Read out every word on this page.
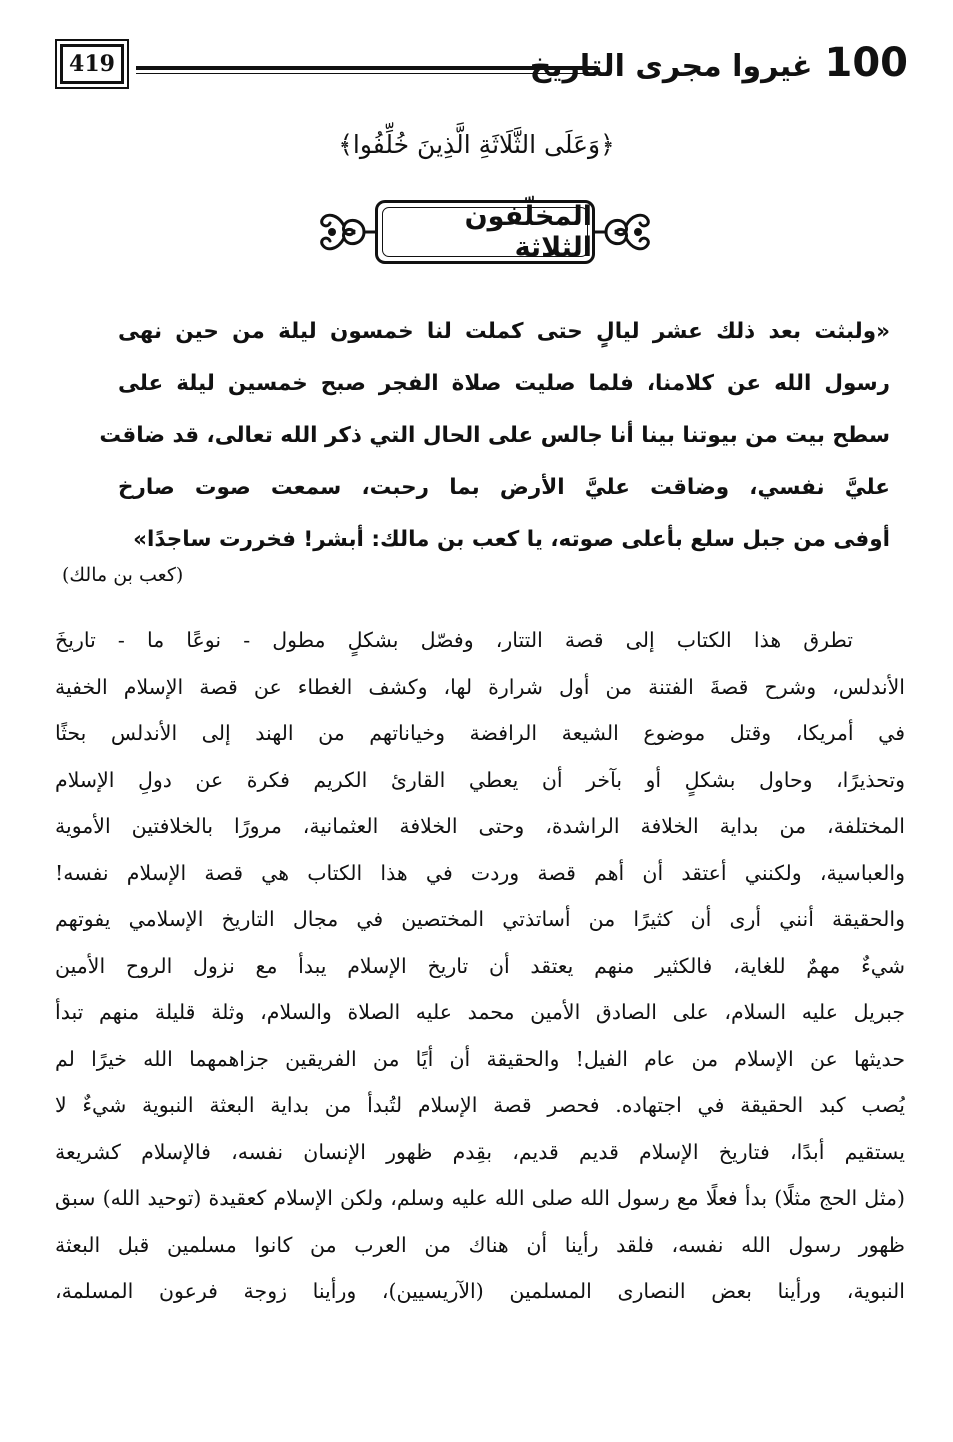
419	100
غيروا مجرى التاريخ
﴿وَعَلَى الثَّلَاثَةِ الَّذِينَ خُلِّفُوا﴾
المخلّفون الثلاثة
«ولبثت بعد ذلك عشر ليالٍ حتى كملت لنا خمسون ليلة من حين نهى
رسول الله عن كلامنا، فلما صليت صلاة الفجر صبح خمسين ليلة على
سطح بيت من بيوتنا بينا أنا جالس على الحال التي ذكر الله تعالى، قد ضاقت
عليَّ نفسي، وضاقت عليَّ الأرض بما رحبت، سمعت صوت صارخ
أوفى من جبل سلع بأعلى صوته، يا كعب بن مالك: أبشر! فخررت ساجدًا»
(كعب بن مالك)
تطرق هذا الكتاب إلى قصة التتار، وفصّل بشكلٍ مطول - نوعًا ما - تاريخَ
الأندلس، وشرح قصةَ الفتنة من أول شرارة لها، وكشف الغطاء عن قصة الإسلام الخفية
في أمريكا، وقتل موضوع الشيعة الرافضة وخياناتهم من الهند إلى الأندلس بحثًا
وتحذيرًا، وحاول بشكلٍ أو بآخر أن يعطي القارئ الكريم فكرة عن دولِ الإسلام
المختلفة، من بداية الخلافة الراشدة، وحتى الخلافة العثمانية، مرورًا بالخلافتين الأموية
والعباسية، ولكنني أعتقد أن أهم قصة وردت في هذا الكتاب هي قصة الإسلام نفسه!
والحقيقة أنني أرى أن كثيرًا من أساتذتي المختصين في مجال التاريخ الإسلامي يفوتهم
شيءٌ مهمٌ للغاية، فالكثير منهم يعتقد أن تاريخ الإسلام يبدأ مع نزول الروح الأمين
جبريل عليه السلام، على الصادق الأمين محمد عليه الصلاة والسلام، وثلة قليلة منهم تبدأ
حديثها عن الإسلام من عام الفيل! والحقيقة أن أيًا من الفريقين جزاهمهما الله خيرًا لم
يُصب كبد الحقيقة في اجتهاده. فحصر قصة الإسلام لتُبدأ من بداية البعثة النبوية شيءٌ لا
يستقيم أبدًا، فتاريخ الإسلام قديم قديم، بقِدم ظهور الإنسان نفسه، فالإسلام كشريعة
(مثل الحج مثلًا) بدأ فعلًا مع رسول الله صلى الله عليه وسلم، ولكن الإسلام كعقيدة (توحيد الله) سبق
ظهور رسول الله نفسه، فلقد رأينا أن هناك من العرب من كانوا مسلمين قبل البعثة
النبوية، ورأينا بعض النصارى المسلمين (الآريسيين)، ورأينا زوجة فرعون المسلمة،
